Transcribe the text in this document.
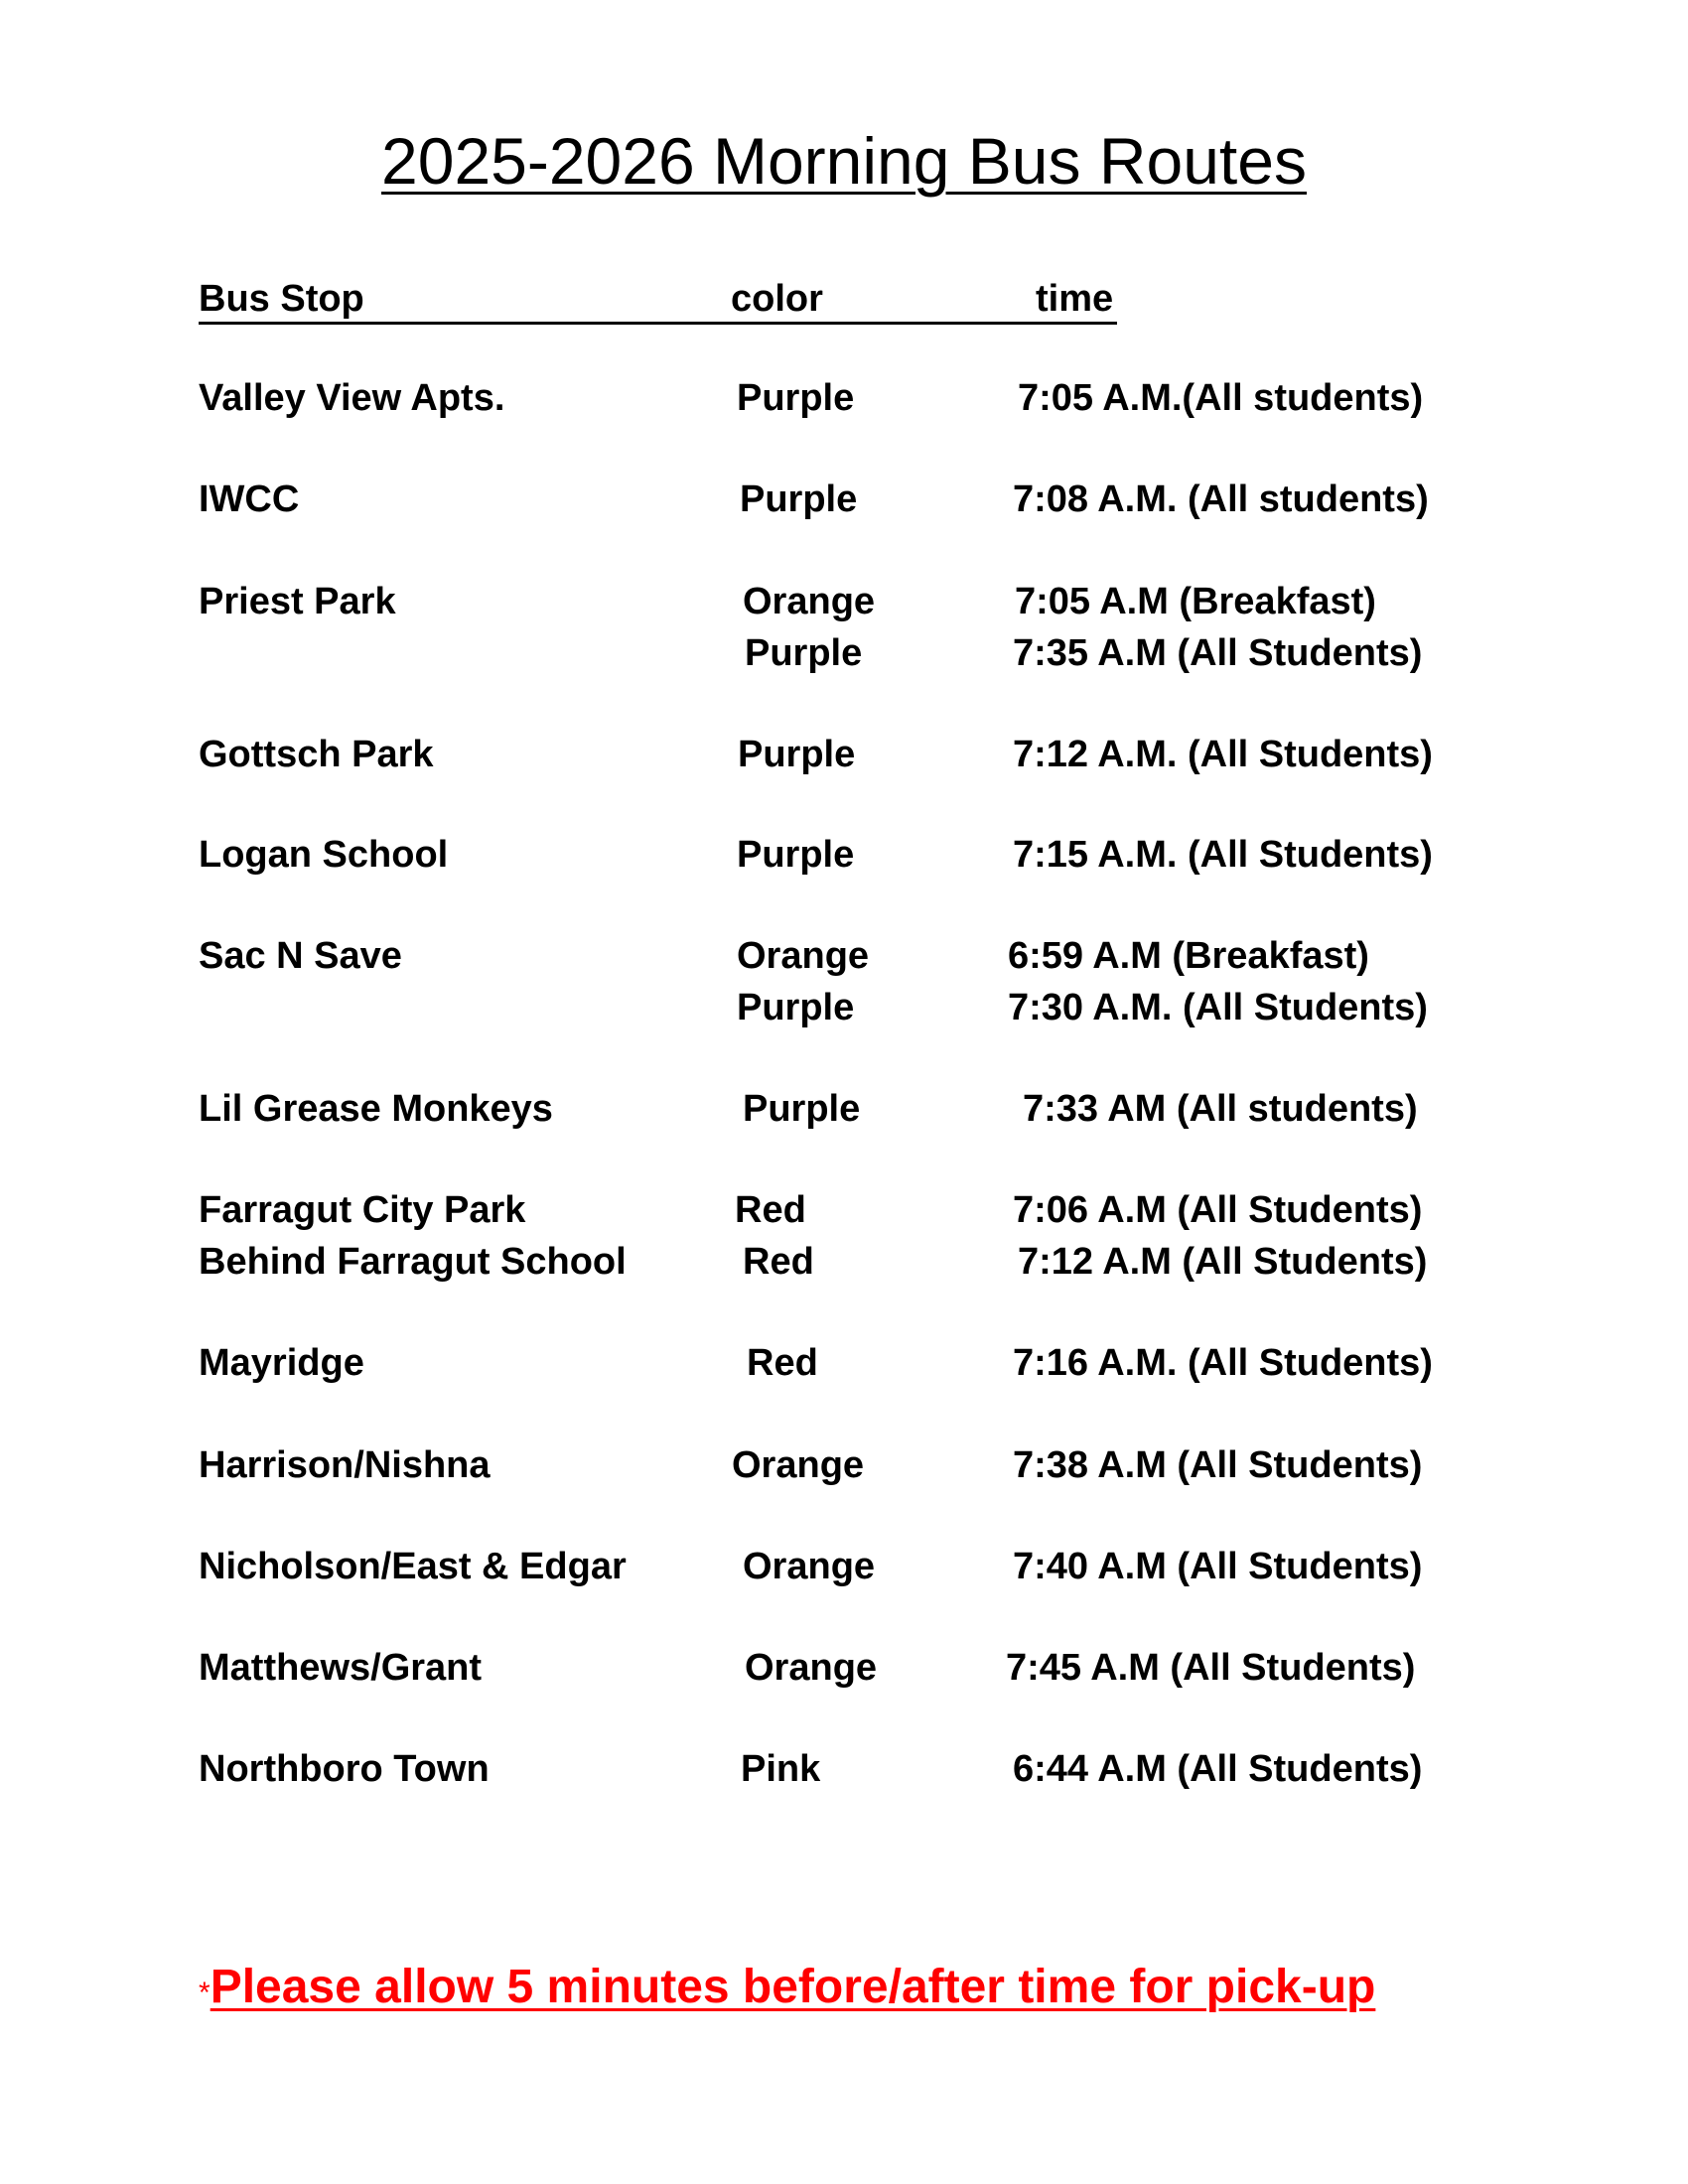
2025-2026 Morning Bus Routes
Bus Stop	color	time
Valley View Apts.	Purple	7:05 A.M.(All students)
IWCC	Purple	7:08 A.M. (All students)
Priest Park	Orange	7:05 A.M (Breakfast)
Purple	7:35 A.M (All Students)
Gottsch Park	Purple	7:12 A.M. (All Students)
Logan School	Purple	7:15 A.M. (All Students)
Sac N Save	Orange	6:59 A.M (Breakfast)
Purple	7:30 A.M. (All Students)
Lil Grease Monkeys	Purple	7:33 AM (All students)
Farragut City Park	Red	7:06 A.M (All Students)
Behind Farragut School	Red	7:12 A.M (All Students)
Mayridge	Red	7:16 A.M. (All Students)
Harrison/Nishna	Orange	7:38 A.M (All Students)
Nicholson/East & Edgar	Orange	7:40 A.M (All Students)
Matthews/Grant	Orange	7:45 A.M (All Students)
Northboro Town	Pink	6:44 A.M (All Students)
*Please allow 5 minutes before/after time for pick-up
